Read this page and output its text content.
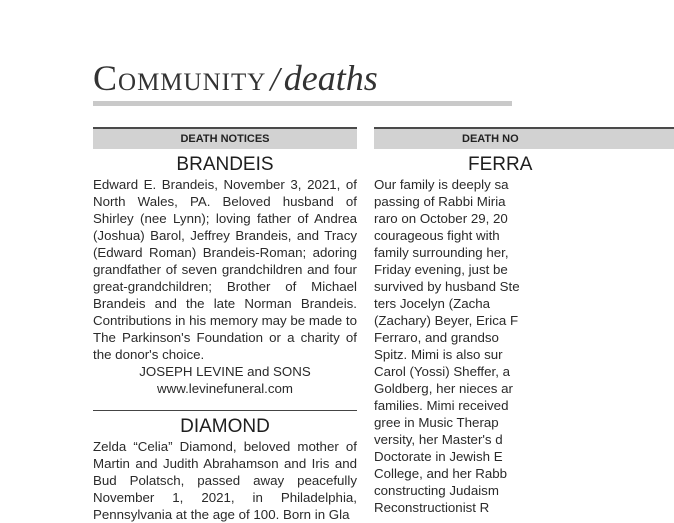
Community / deaths
DEATH NOTICES
BRANDEIS

Edward E. Brandeis, November 3, 2021, of North Wales, PA. Beloved husband of Shirley (nee Lynn); loving father of Andrea (Joshua) Barol, Jeffrey Brandeis, and Tracy (Edward Roman) Brandeis-Roman; adoring grandfather of seven grandchildren and four great-grandchildren; Brother of Michael Brandeis and the late Norman Brandeis. Contributions in his memory may be made to The Parkinson's Foundation or a charity of the donor's choice.

JOSEPH LEVINE and SONS
www.levinefuneral.com
DIAMOND

Zelda “Celia” Diamond, beloved mother of Martin and Judith Abrahamson and Iris and Bud Polatsch, passed away peacefully November 1, 2021, in Philadelphia, Pennsylvania at the age of 100. Born in Gla

DEATH NO
FERRA
Our family is deeply sa
passing of Rabbi Miria
raro on October 29, 20
courageous fight with
family surrounding her,
Friday evening, just be
survived by husband Ste
ters Jocelyn (Zacha
(Zachary) Beyer, Erica F
Ferraro, and grandso
Spitz. Mimi is also sur
Carol (Yossi) Sheffer, a
Goldberg, her nieces ar
families. Mimi received
gree in Music Therap
versity, her Master's d
Doctorate in Jewish E
College, and her Rabb
constructing Judaism
Reconstructionist R
